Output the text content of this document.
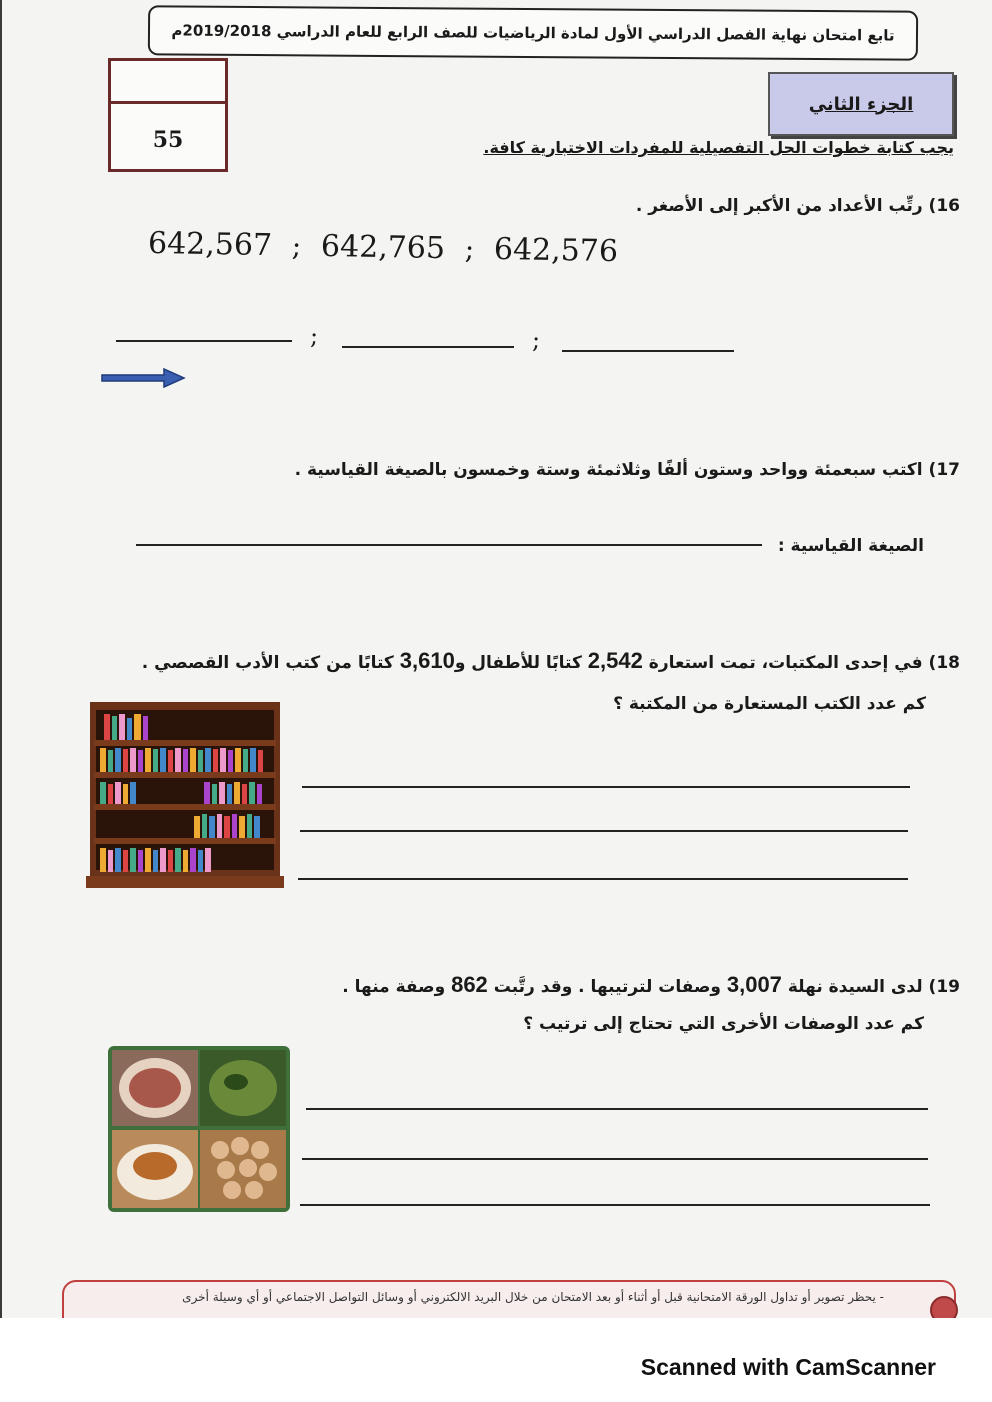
تابع امتحان نهاية الفصل الدراسي الأول لمادة الرياضيات للصف الرابع للعام الدراسي 2019/2018م
55
الجزء الثاني
يجب كتابة خطوات الحل التفصيلية للمفردات الاختبارية كافة.
16) رتِّب الأعداد من الأكبر إلى الأصغر .
642,567 ; 642,765 ; 642,576
;	;
17) اكتب سبعمئة وواحد وستون ألفًا وثلاثمئة وستة وخمسون بالصيغة القياسية .
الصيغة القياسية :
18) في إحدى المكتبات، تمت استعارة 2,542 كتابًا للأطفال و3,610 كتابًا من كتب الأدب القصصي .
كم عدد الكتب المستعارة من المكتبة ؟
19) لدى السيدة نهلة 3,007 وصفات لترتيبها . وقد رتَّبت 862 وصفة منها .
كم عدد الوصفات الأخرى التي تحتاج إلى ترتيب ؟
- يحظر تصوير أو تداول الورقة الامتحانية قبل أو أثناء أو بعد الامتحان من خلال البريد الالكتروني أو وسائل التواصل الاجتماعي أو أي وسيلة أخرى
Scanned with CamScanner
